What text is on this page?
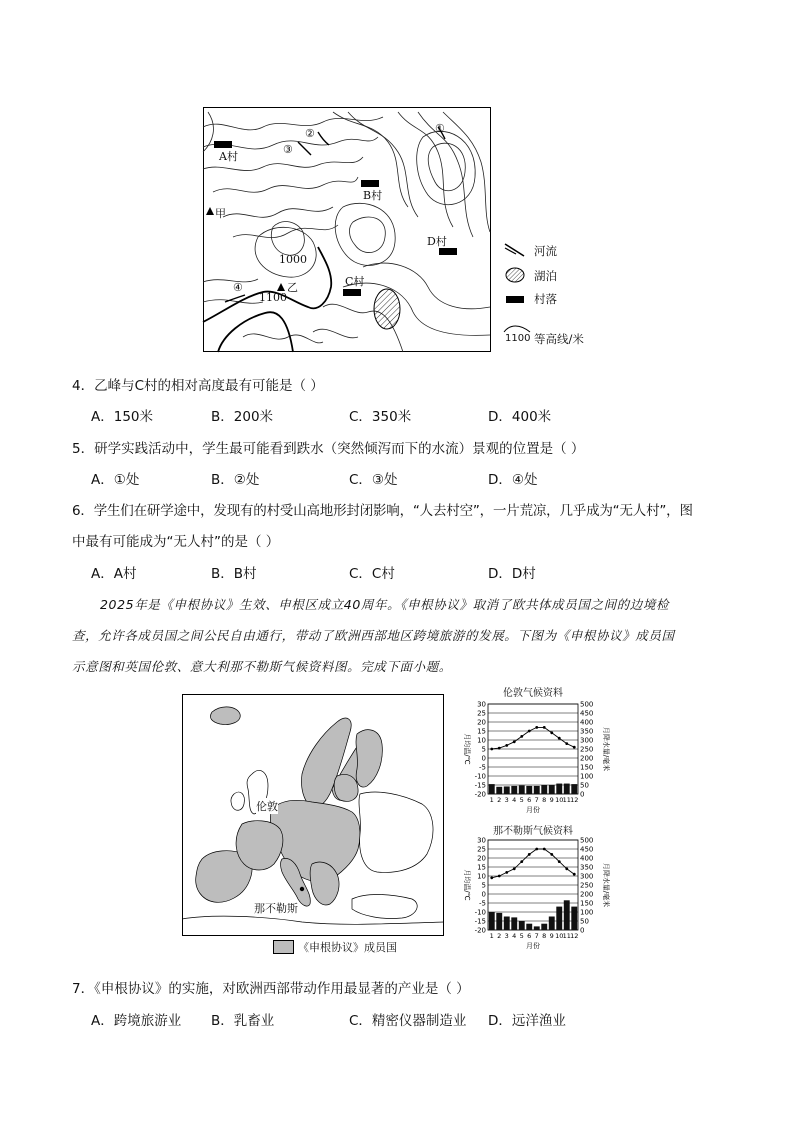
A村
B村
C村
D村
甲
乙
1000
1100
①
②
③
④
河流
湖泊
村落
1100 等高线/米
4．乙峰与C村的相对高度最有可能是（ ）
A．150米	B．200米	C．350米	D．400米
5．研学实践活动中，学生最可能看到跌水（突然倾泻而下的水流）景观的位置是（ ）
A．①处	B．②处	C．③处	D．④处
6．学生们在研学途中，发现有的村受山高地形封闭影响，“人去村空”，一片荒凉，几乎成为“无人村”，图
中最有可能成为“无人村”的是（ ）
A．A村	B．B村	C．C村	D．D村
2025年是《申根协议》生效、申根区成立40周年。《申根协议》取消了欧共体成员国之间的边境检
查，允许各成员国之间公民自由通行，带动了欧洲西部地区跨境旅游的发展。下图为《申根协议》成员国
示意图和英国伦敦、意大利那不勒斯气候资料图。完成下面小题。
伦敦
那不勒斯
《申根协议》成员国
伦敦气候资料
30
25
20
15
10
5
0
-5
-10
-15
-20
500
450
400
350
300
250
200
150
100
50
0
1 2 3 4 5 6 7 8 9 10 11 12
月份
月均温/℃	月降水量/毫米
那不勒斯气候资料
30
25
20
15
10
5
0
-5
-10
-15
-20
500
450
400
350
300
250
200
150
100
50
0
1 2 3 4 5 6 7 8 9 10 11 12
月份
月均温/℃	月降水量/毫米
7．《申根协议》的实施，对欧洲西部带动作用最显著的产业是（ ）
A．跨境旅游业 B．乳畜业	C．精密仪器制造业 D．远洋渔业
